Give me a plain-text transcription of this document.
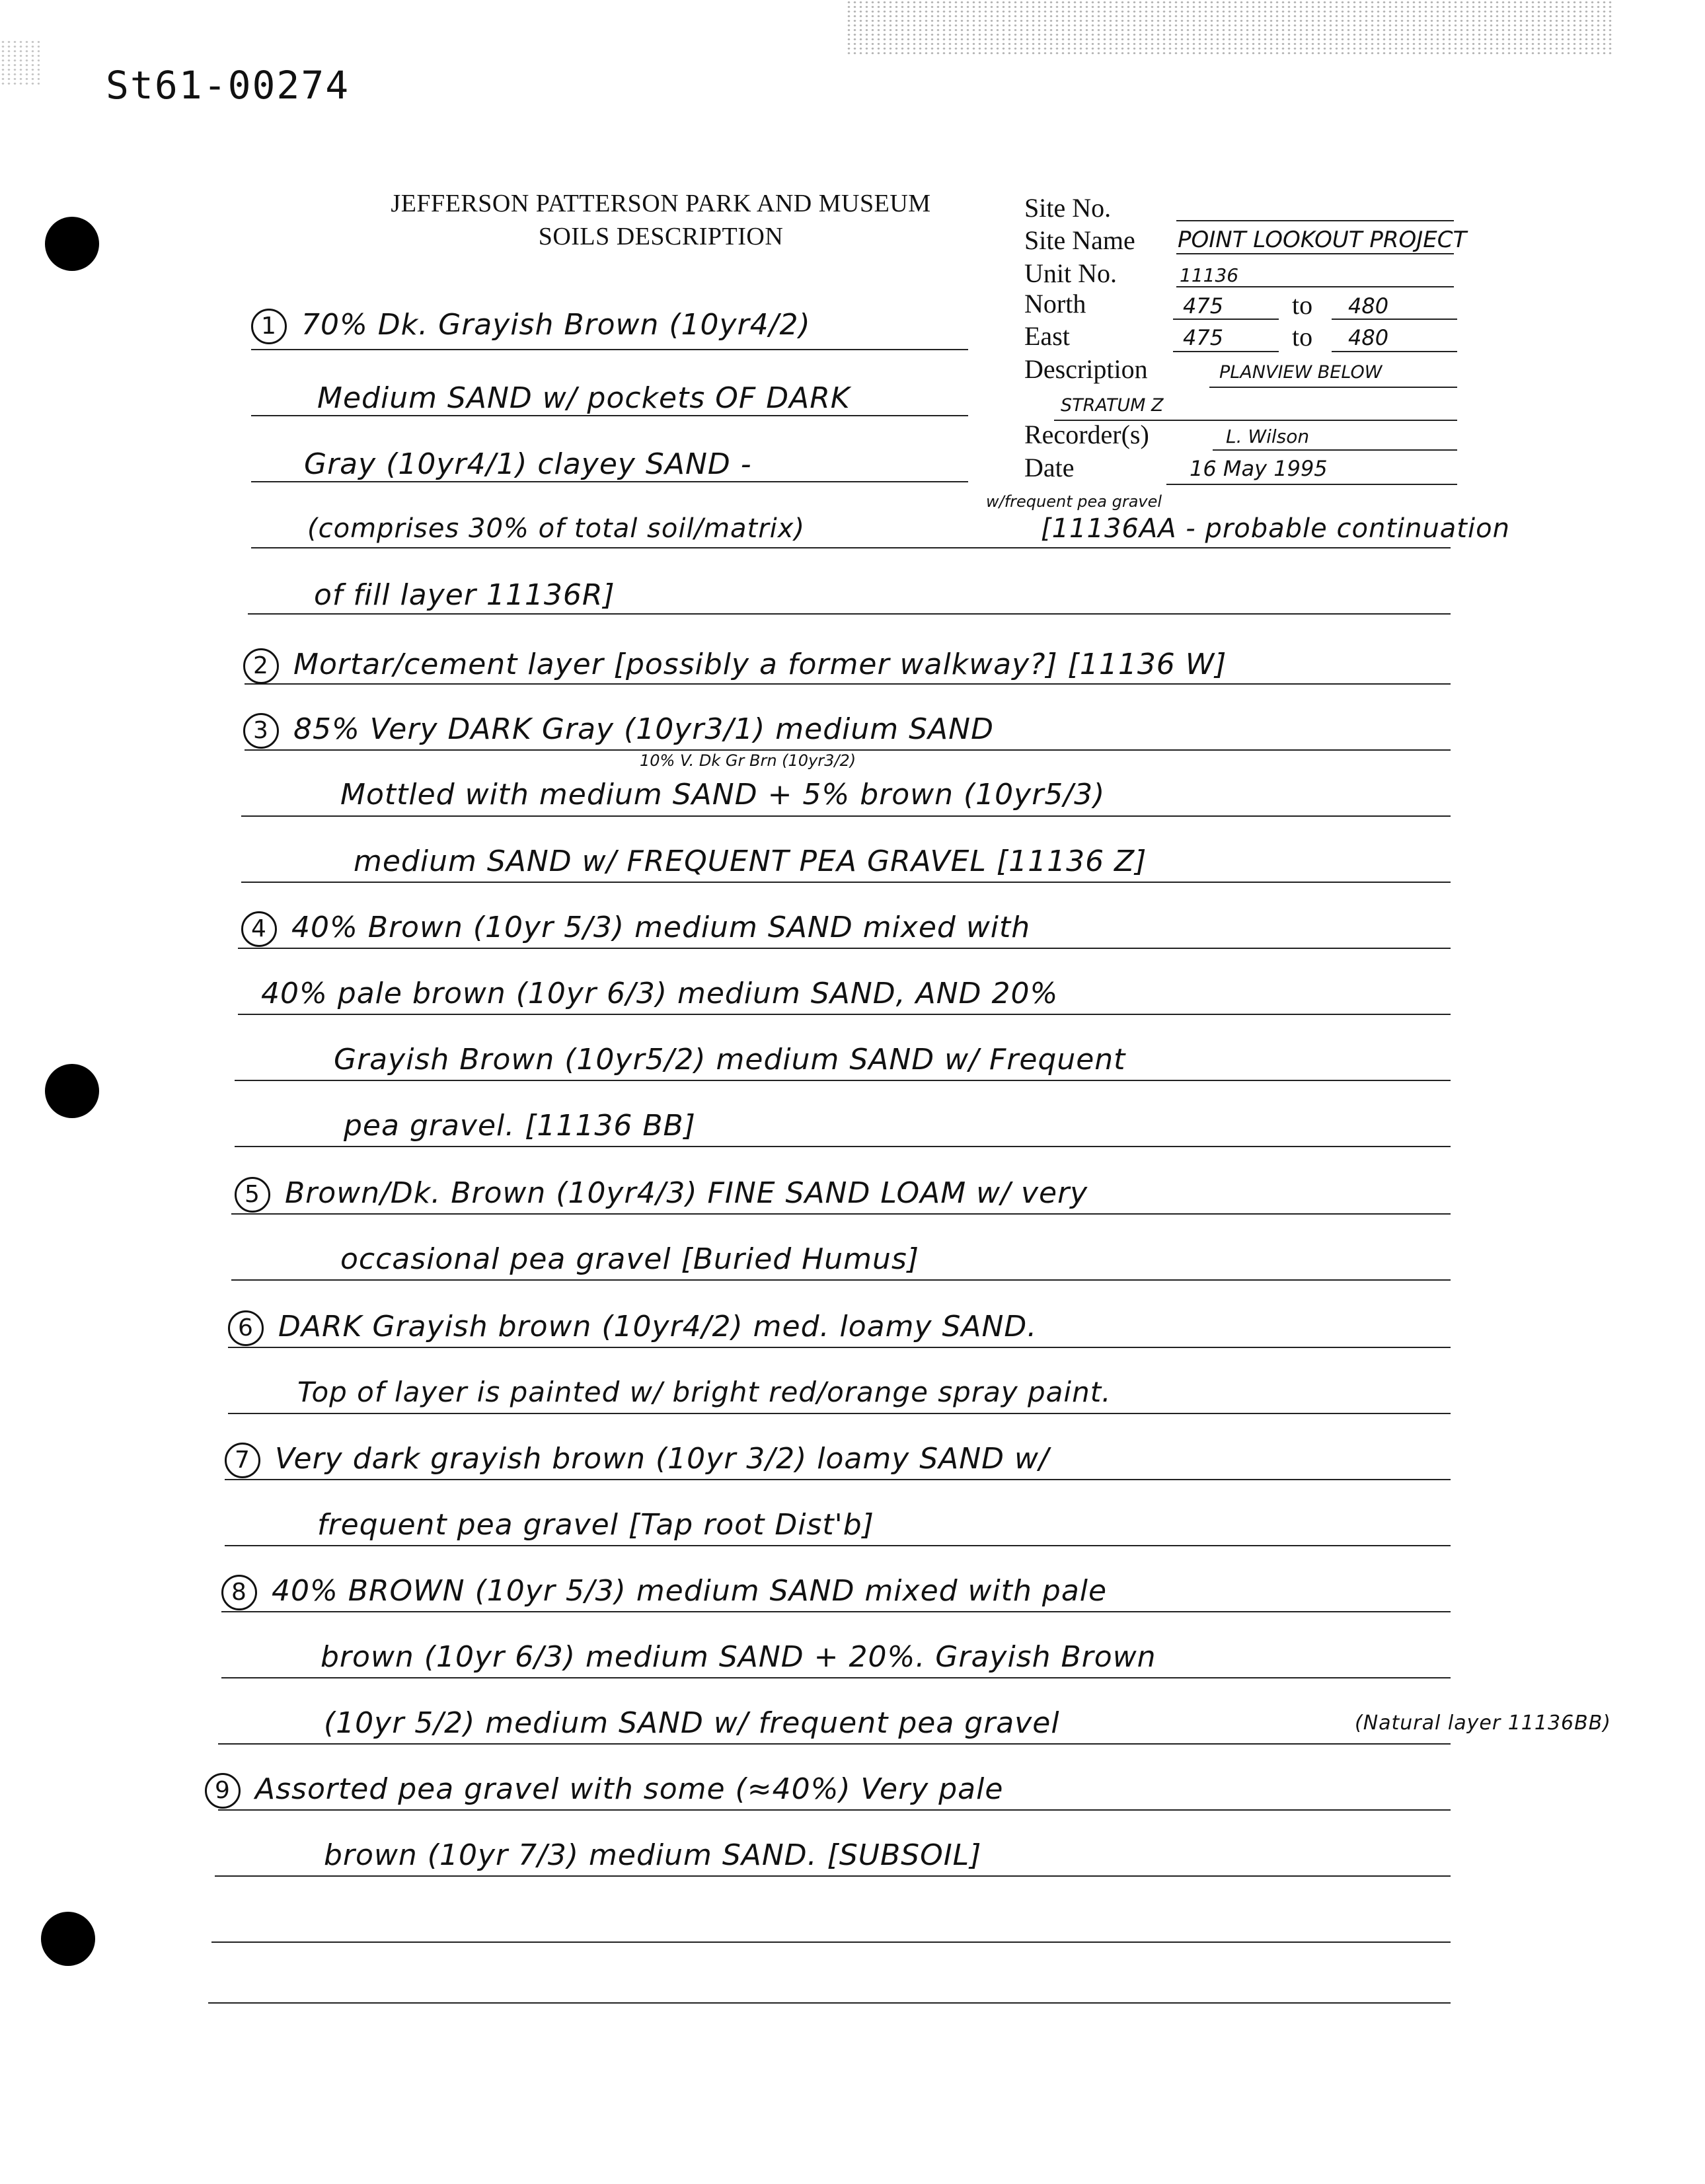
St61-00274
JEFFERSON PATTERSON PARK AND MUSEUM
SOILS DESCRIPTION
Site No.
Site Name POINT LOOKOUT PROJECT
Unit No.	11136
North	475	to 480
East	475	to 480
Description	PLANVIEW BELOW
STRATUM Z
Recorder(s)	L. Wilson
Date	16 May 1995
1 70% Dk. Grayish Brown (10yr4/2)
Medium SAND w/ pockets OF DARK
Gray (10yr4/1) clayey SAND -
(comprises 30% of total soil/matrix)
w/frequent pea gravel
[11136AA - probable continuation
of fill layer 11136R]
2 Mortar/cement layer [possibly a former walkway?] [11136 W]
3 85% Very DARK Gray (10yr3/1) medium SAND
10% V. Dk Gr Brn (10yr3/2)
Mottled with medium SAND + 5% brown (10yr5/3)
medium SAND w/ FREQUENT PEA GRAVEL [11136 Z]
4 40% Brown (10yr 5/3) medium SAND mixed with
40% pale brown (10yr 6/3) medium SAND, AND 20%
Grayish Brown (10yr5/2) medium SAND w/ Frequent
pea gravel. [11136 BB]
5 Brown/Dk. Brown (10yr4/3) FINE SAND LOAM w/ very
occasional pea gravel [Buried Humus]
6 DARK Grayish brown (10yr4/2) med. loamy SAND.
Top of layer is painted w/ bright red/orange spray paint.
7 Very dark grayish brown (10yr 3/2) loamy SAND w/
frequent pea gravel [Tap root Dist'b]
8 40% BROWN (10yr 5/3) medium SAND mixed with pale
brown (10yr 6/3) medium SAND + 20%. Grayish Brown
(10yr 5/2) medium SAND w/ frequent pea gravel	(Natural layer 11136BB)
9 Assorted pea gravel with some (≈40%) Very pale
brown (10yr 7/3) medium SAND. [SUBSOIL]
